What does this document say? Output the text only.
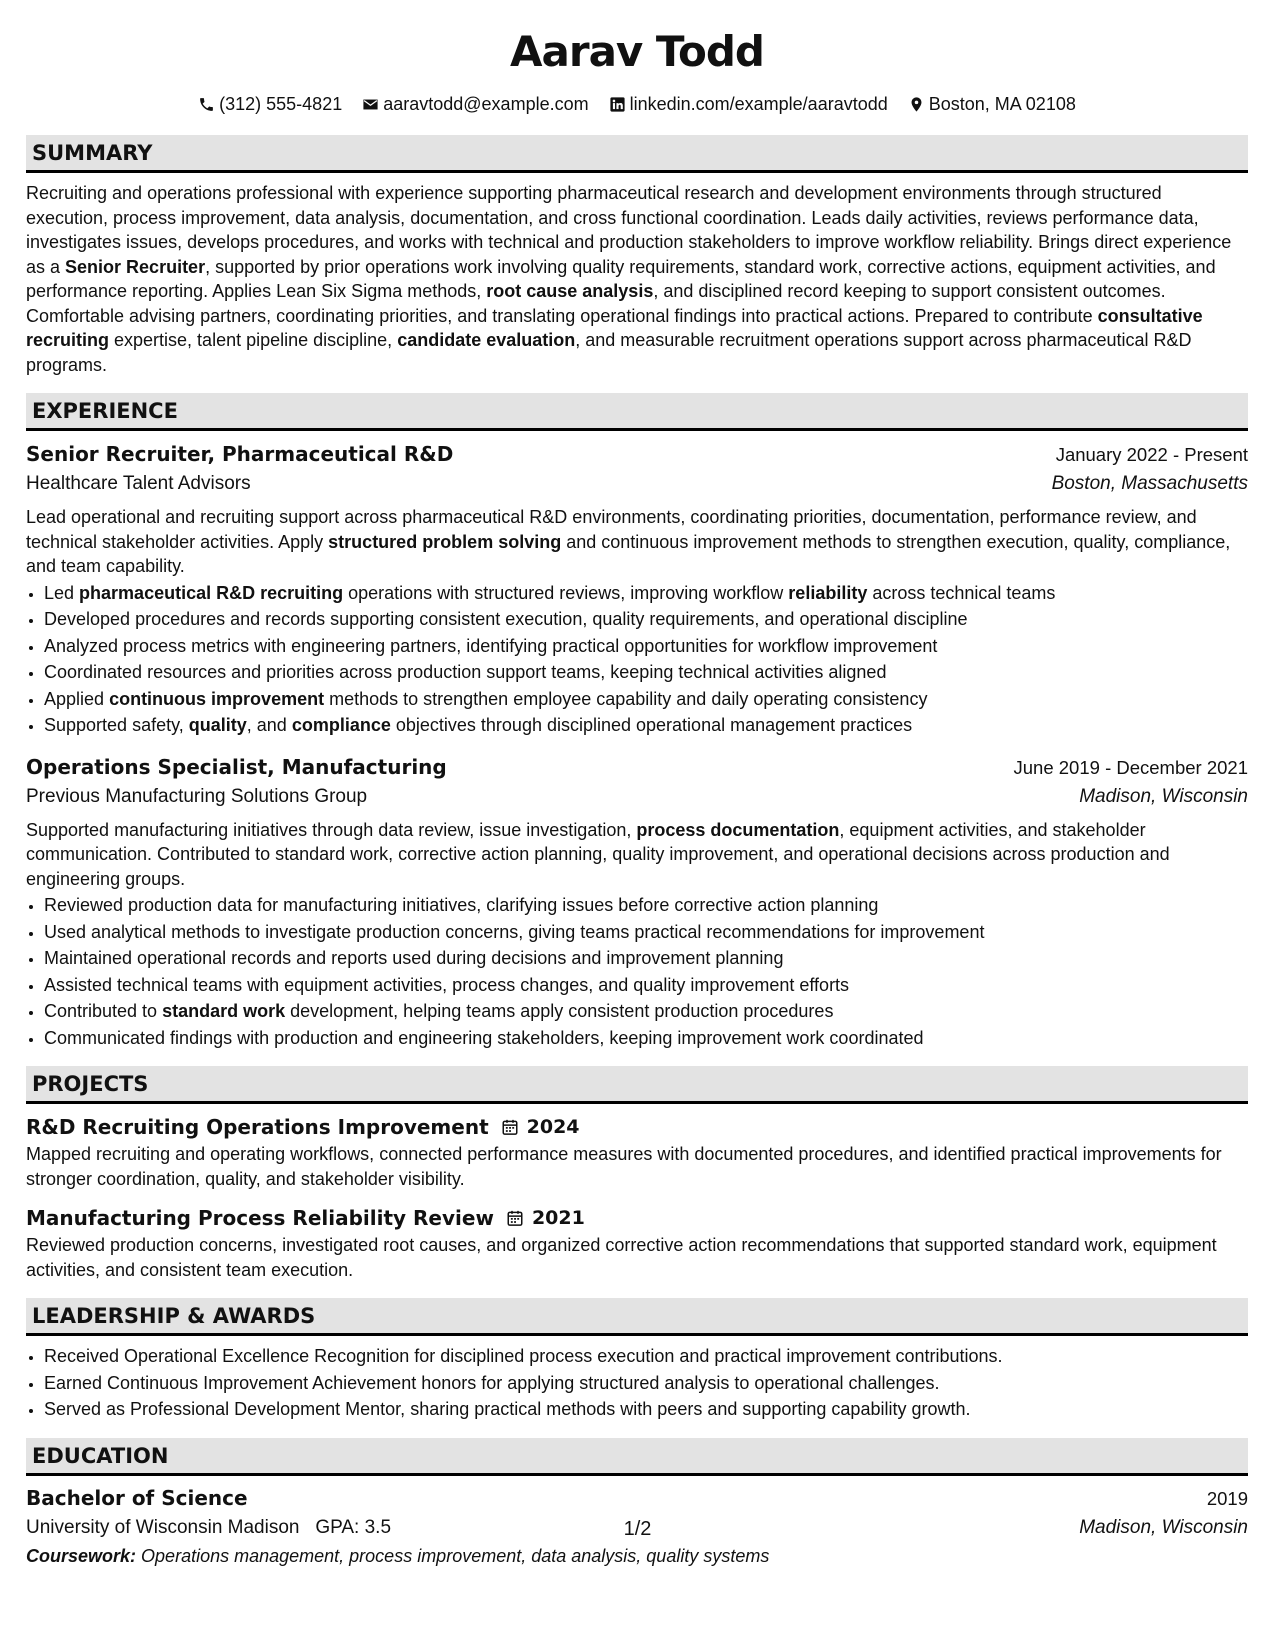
Aarav Todd
(312) 555-4821 aaravtodd@example.com linkedin.com/example/aaravtodd Boston, MA 02108
SUMMARY

Recruiting and operations professional with experience supporting pharmaceutical research and development environments through structured execution, process improvement, data analysis, documentation, and cross functional coordination. Leads daily activities, reviews performance data, investigates issues, develops procedures, and works with technical and production stakeholders to improve workflow reliability. Brings direct experience as a Senior Recruiter, supported by prior operations work involving quality requirements, standard work, corrective actions, equipment activities, and performance reporting. Applies Lean Six Sigma methods, root cause analysis, and disciplined record keeping to support consistent outcomes. Comfortable advising partners, coordinating priorities, and translating operational findings into practical actions. Prepared to contribute consultative recruiting expertise, talent pipeline discipline, candidate evaluation, and measurable recruitment operations support across pharmaceutical R&D programs.

EXPERIENCE
Senior Recruiter, Pharmaceutical R&D	January 2022 - Present
Healthcare Talent Advisors	Boston, Massachusetts

Lead operational and recruiting support across pharmaceutical R&D environments, coordinating priorities, documentation, performance review, and technical stakeholder activities. Apply structured problem solving and continuous improvement methods to strengthen execution, quality, compliance, and team capability.

• Led pharmaceutical R&D recruiting operations with structured reviews, improving workflow reliability across technical teams
• Developed procedures and records supporting consistent execution, quality requirements, and operational discipline
• Analyzed process metrics with engineering partners, identifying practical opportunities for workflow improvement
• Coordinated resources and priorities across production support teams, keeping technical activities aligned
• Applied continuous improvement methods to strengthen employee capability and daily operating consistency
• Supported safety, quality, and compliance objectives through disciplined operational management practices
Operations Specialist, Manufacturing	June 2019 - December 2021
Previous Manufacturing Solutions Group	Madison, Wisconsin

Supported manufacturing initiatives through data review, issue investigation, process documentation, equipment activities, and stakeholder communication. Contributed to standard work, corrective action planning, quality improvement, and operational decisions across production and engineering groups.

• Reviewed production data for manufacturing initiatives, clarifying issues before corrective action planning
• Used analytical methods to investigate production concerns, giving teams practical recommendations for improvement
• Maintained operational records and reports used during decisions and improvement planning
• Assisted technical teams with equipment activities, process changes, and quality improvement efforts
• Contributed to standard work development, helping teams apply consistent production procedures
• Communicated findings with production and engineering stakeholders, keeping improvement work coordinated
PROJECTS
R&D Recruiting Operations Improvement 2024

Mapped recruiting and operating workflows, connected performance measures with documented procedures, and identified practical improvements for stronger coordination, quality, and stakeholder visibility.

Manufacturing Process Reliability Review 2021

Reviewed production concerns, investigated root causes, and organized corrective action recommendations that supported standard work, equipment activities, and consistent team execution.

LEADERSHIP & AWARDS
• Received Operational Excellence Recognition for disciplined process execution and practical improvement contributions.
• Earned Continuous Improvement Achievement honors for applying structured analysis to operational challenges.
• Served as Professional Development Mentor, sharing practical methods with peers and supporting capability growth.
EDUCATION
Bachelor of Science	2019
University of Wisconsin Madison GPA: 3.5	Madison, Wisconsin
Coursework: Operations management, process improvement, data analysis, quality systems
1/2
